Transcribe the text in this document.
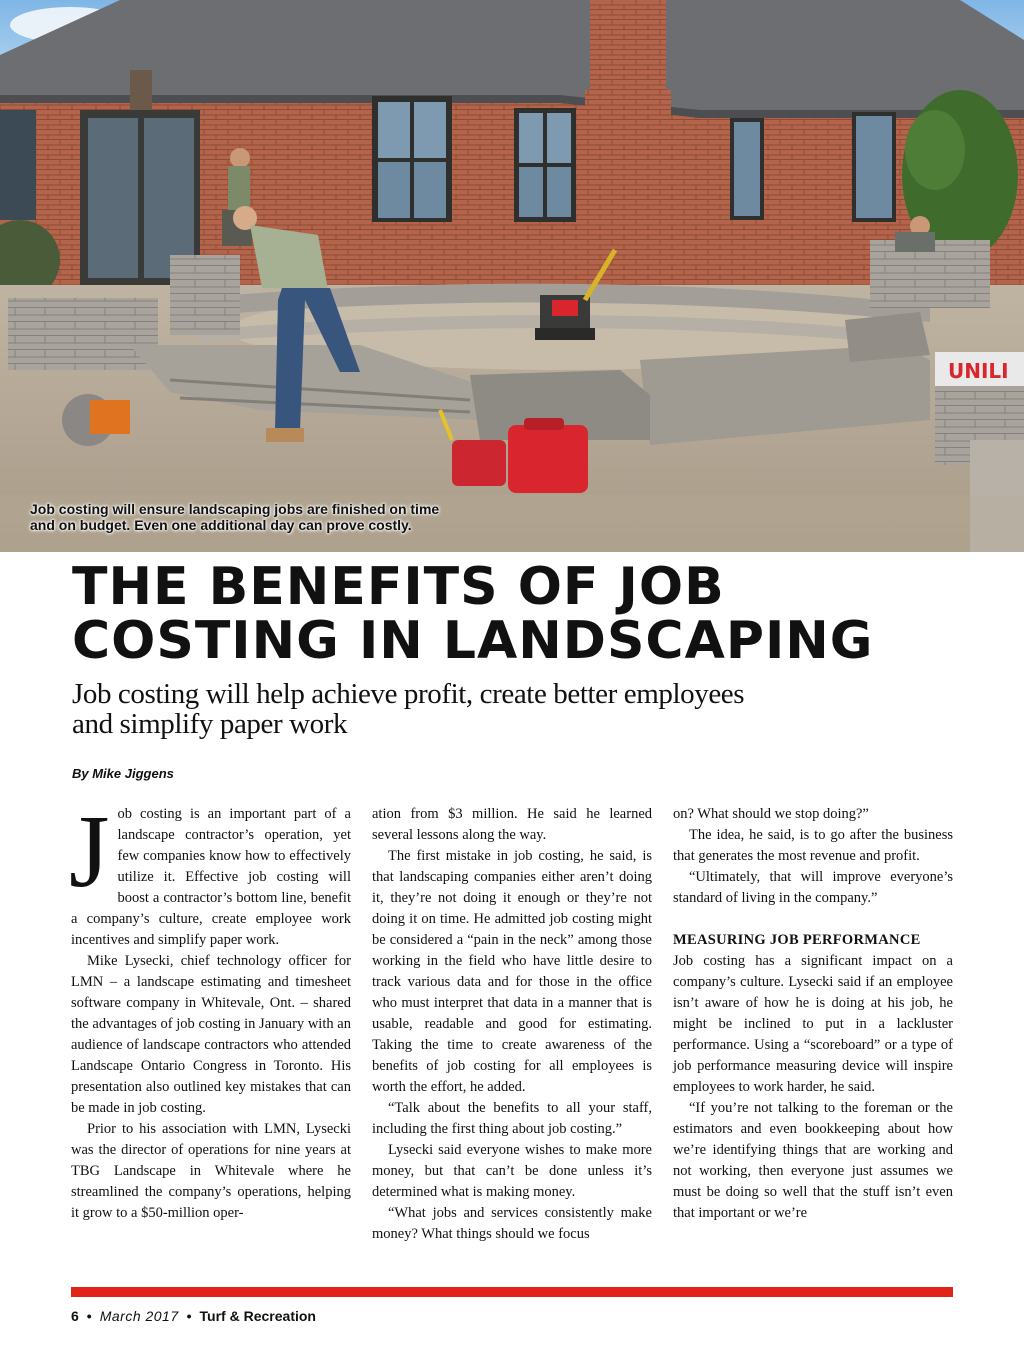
UNILI
Job costing will ensure landscaping jobs are finished on time
and on budget. Even one additional day can prove costly.
THE BENEFITS OF JOB
COSTING IN LANDSCAPING
Job costing will help achieve profit, create better employees
and simplify paper work
By Mike Jiggens

Job costing is an important part of a landscape contractor’s operation, yet few companies know how to effectively utilize it. Effective job costing will boost a contractor’s bottom line, benefit a company’s culture, create employee work incentives and simplify paper work.

Mike Lysecki, chief technology officer for LMN – a landscape estimating and timesheet software company in Whitevale, Ont. – shared the advantages of job costing in January with an audience of landscape contractors who attended Landscape Ontario Congress in Toronto. His presentation also outlined key mistakes that can be made in job costing.

Prior to his association with LMN, Lysecki was the director of operations for nine years at TBG Landscape in Whitevale where he streamlined the company’s operations, helping it grow to a $50-million oper-

ation from $3 million. He said he learned several lessons along the way.

The first mistake in job costing, he said, is that landscaping companies either aren’t doing it, they’re not doing it enough or they’re not doing it on time. He admitted job costing might be considered a “pain in the neck” among those working in the field who have little desire to track various data and for those in the office who must interpret that data in a manner that is usable, readable and good for estimating. Taking the time to create awareness of the benefits of job costing for all employees is worth the effort, he added.

“Talk about the benefits to all your staff, including the first thing about job costing.”

Lysecki said everyone wishes to make more money, but that can’t be done unless it’s determined what is making money.

“What jobs and services consistently make money? What things should we focus

on? What should we stop doing?”

The idea, he said, is to go after the business that generates the most revenue and profit.

“Ultimately, that will improve everyone’s standard of living in the company.”

MEASURING JOB PERFORMANCE

Job costing has a significant impact on a company’s culture. Lysecki said if an employee isn’t aware of how he is doing at his job, he might be inclined to put in a lackluster performance. Using a “scoreboard” or a type of job performance measuring device will inspire employees to work harder, he said.

“If you’re not talking to the foreman or the estimators and even bookkeeping about how we’re identifying things that are working and not working, then everyone just assumes we must be doing so well that the stuff isn’t even that important or we’re

6 • March 2017 • Turf & Recreation
